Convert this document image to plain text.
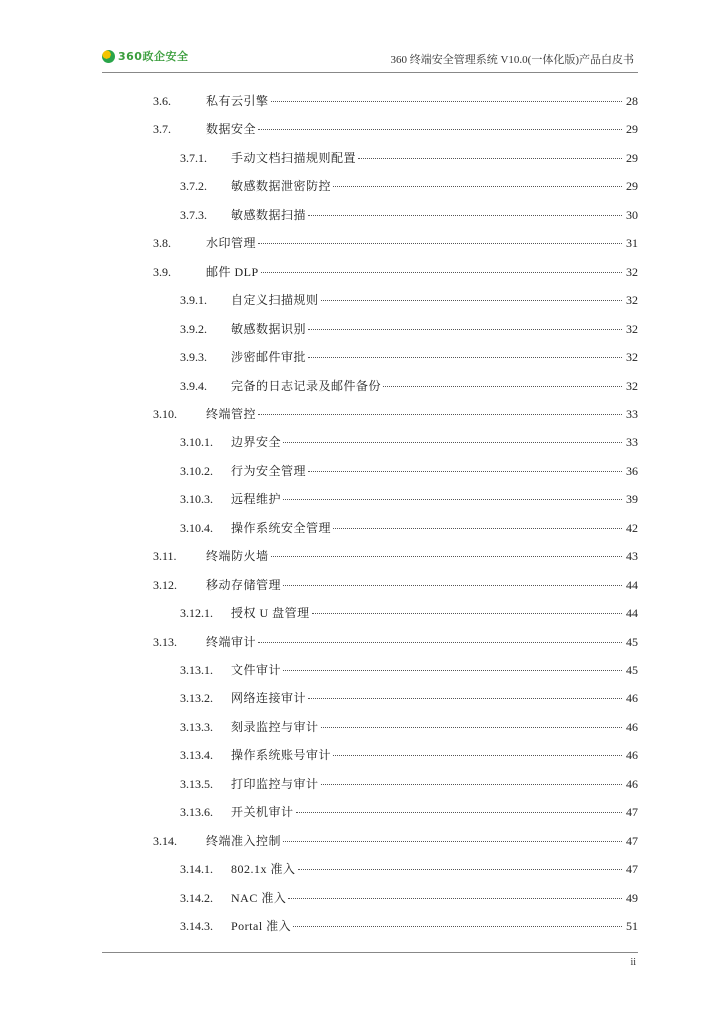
360政企安全	360 终端安全管理系统 V10.0(一体化版)产品白皮书
3.6.	私有云引擎	28
3.7.	数据安全	29
3.7.1. 手动文档扫描规则配置	29
3.7.2. 敏感数据泄密防控	29
3.7.3. 敏感数据扫描	30
3.8.	水印管理	31
3.9.	邮件 DLP	32
3.9.1. 自定义扫描规则	32
3.9.2. 敏感数据识别	32
3.9.3. 涉密邮件审批	32
3.9.4. 完备的日志记录及邮件备份	32
3.10. 终端管控	33
3.10.1. 边界安全	33
3.10.2. 行为安全管理	36
3.10.3. 远程维护	39
3.10.4. 操作系统安全管理	42
3.11. 终端防火墙	43
3.12. 移动存储管理	44
3.12.1. 授权 U 盘管理	44
3.13. 终端审计	45
3.13.1. 文件审计	45
3.13.2. 网络连接审计	46
3.13.3. 刻录监控与审计	46
3.13.4. 操作系统账号审计	46
3.13.5. 打印监控与审计	46
3.13.6. 开关机审计	47
3.14. 终端准入控制	47
3.14.1. 802.1x 准入	47
3.14.2. NAC 准入	49
3.14.3. Portal 准入	51
ii
